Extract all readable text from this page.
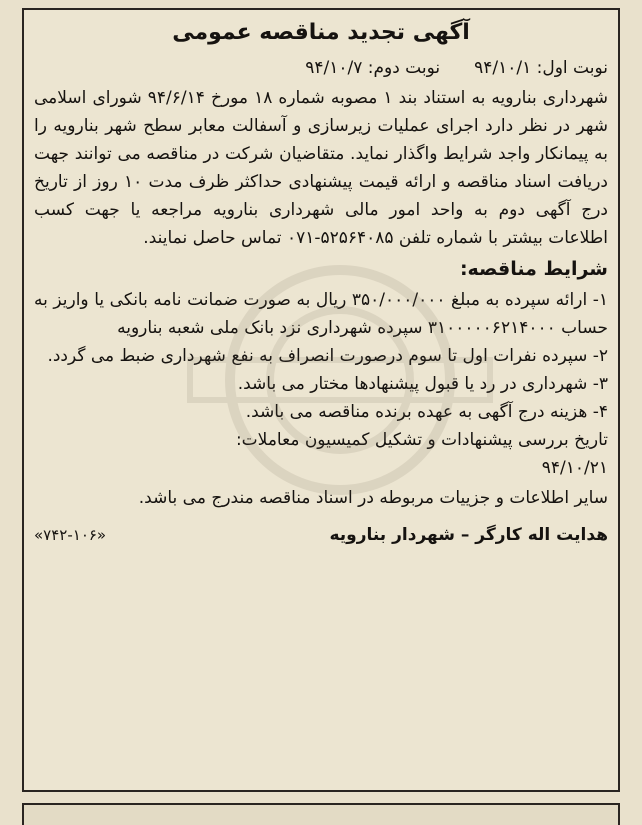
آگهی تجدید مناقصه عمومی
نوبت اول: ۹۴/۱۰/۱
نوبت دوم: ۹۴/۱۰/۷

شهرداری بنارویه به استناد بند ۱ مصوبه شماره ۱۸ مورخ ۹۴/۶/۱۴ شورای اسلامی شهر در نظر دارد اجرای عملیات زیرسازی و آسفالت معابر سطح شهر بنارویه را به پیمانکار واجد شرایط واگذار نماید. متقاضیان شرکت در مناقصه می توانند جهت دریافت اسناد مناقصه و ارائه قیمت پیشنهادی حداکثر ظرف مدت ۱۰ روز از تاریخ درج آگهی دوم به واحد امور مالی شهرداری بنارویه مراجعه یا جهت کسب اطلاعات بیشتر با شماره تلفن ۵۲۵۶۴۰۸۵-۰۷۱ تماس حاصل نمایند.

شرایط مناقصه:

۱- ارائه سپرده به مبلغ ۳۵۰/۰۰۰/۰۰۰ ریال به صورت ضمانت نامه بانکی یا واریز به حساب ۳۱۰۰۰۰۰۶۲۱۴۰۰۰ سپرده شهرداری نزد بانک ملی شعبه بنارویه

۲- سپرده نفرات اول تا سوم درصورت انصراف به نفع شهرداری ضبط می گردد.

۳- شهرداری در رد یا قبول پیشنهادها مختار می باشد.

۴- هزینه درج آگهی به عهده برنده مناقصه می باشد.

تاریخ بررسی پیشنهادات و تشکیل کمیسیون معاملات:

۹۴/۱۰/۲۱

سایر اطلاعات و جزییات مربوطه در اسناد مناقصه مندرج می باشد.

هدایت اله کارگر – شهردار بنارویه
«۷۴۲-۱۰۶»
